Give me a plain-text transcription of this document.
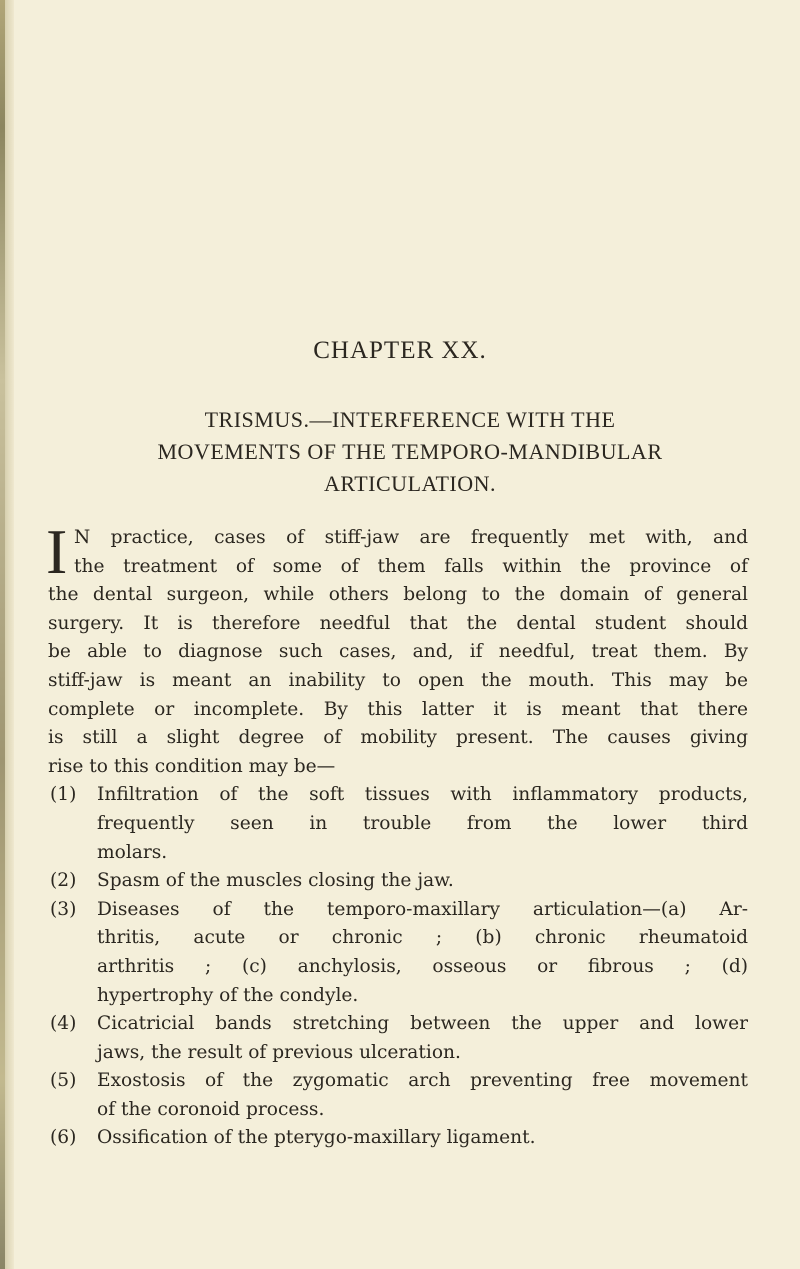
CHAPTER XX.
TRISMUS.—INTERFERENCE WITH THE
MOVEMENTS OF THE TEMPORO-MANDIBULAR
ARTICULATION.
I N practice, cases of stiff-jaw are frequently met with, and
the treatment of some of them falls within the province of
the dental surgeon, while others belong to the domain of general
surgery. It is therefore needful that the dental student should
be able to diagnose such cases, and, if needful, treat them. By
stiff-jaw is meant an inability to open the mouth. This may be
complete or incomplete. By this latter it is meant that there
is still a slight degree of mobility present. The causes giving
rise to this condition may be—
(1) Infiltration of the soft tissues with inflammatory products,
frequently seen in trouble from the lower third
molars.
(2) Spasm of the muscles closing the jaw.
(3) Diseases of the temporo-maxillary articulation—(a) Ar-
thritis, acute or chronic ; (b) chronic rheumatoid
arthritis ; (c) anchylosis, osseous or fibrous ; (d)
hypertrophy of the condyle.
(4) Cicatricial bands stretching between the upper and lower
jaws, the result of previous ulceration.
(5) Exostosis of the zygomatic arch preventing free movement
of the coronoid process.
(6) Ossification of the pterygo-maxillary ligament.
